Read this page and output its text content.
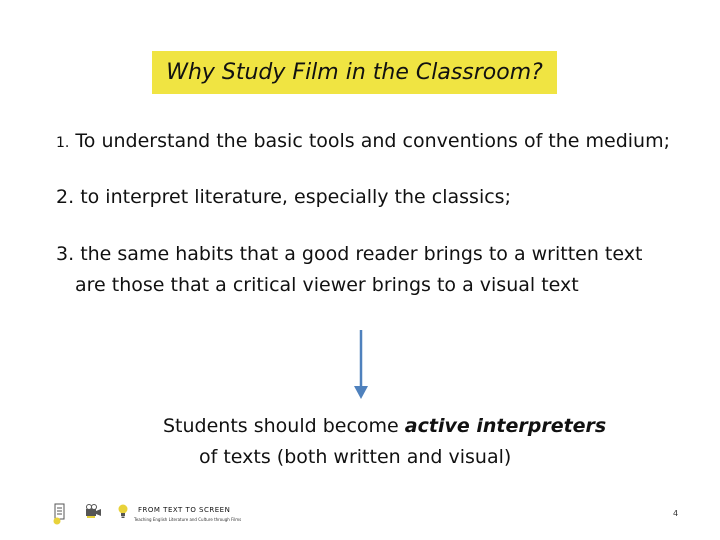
Why Study Film in the Classroom?
1. To understand the basic tools and conventions of the medium;
2. to interpret literature, especially the classics;
3. the same habits that a good reader brings to a written text
are those that a critical viewer brings to a visual text
Students should become active interpreters
of texts (both written and visual)
FROM TEXT TO SCREEN
Teaching English Literature and Culture through Films
4
